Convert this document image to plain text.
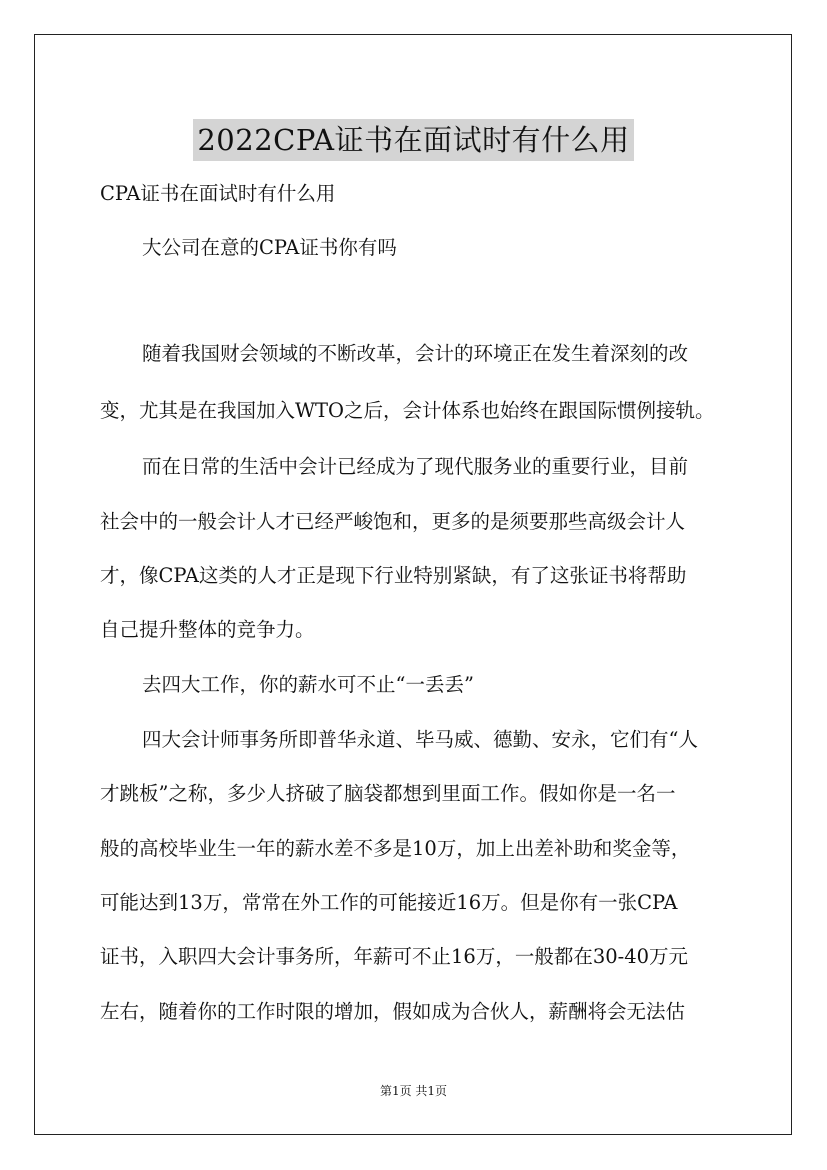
2022CPA证书在面试时有什么用

CPA证书在面试时有什么用

大公司在意的CPA证书你有吗

随着我国财会领域的不断改革，会计的环境正在发生着深刻的改

变，尤其是在我国加入WTO之后，会计体系也始终在跟国际惯例接轨。

而在日常的生活中会计已经成为了现代服务业的重要行业，目前

社会中的一般会计人才已经严峻饱和，更多的是须要那些高级会计人

才，像CPA这类的人才正是现下行业特别紧缺，有了这张证书将帮助

自己提升整体的竞争力。

去四大工作，你的薪水可不止“一丢丢”

四大会计师事务所即普华永道、毕马威、德勤、安永，它们有“人

才跳板”之称，多少人挤破了脑袋都想到里面工作。假如你是一名一

般的高校毕业生一年的薪水差不多是10万，加上出差补助和奖金等，

可能达到13万，常常在外工作的可能接近16万。但是你有一张CPA

证书，入职四大会计事务所，年薪可不止16万，一般都在30-40万元

左右，随着你的工作时限的增加，假如成为合伙人，薪酬将会无法估

第1页 共1页
